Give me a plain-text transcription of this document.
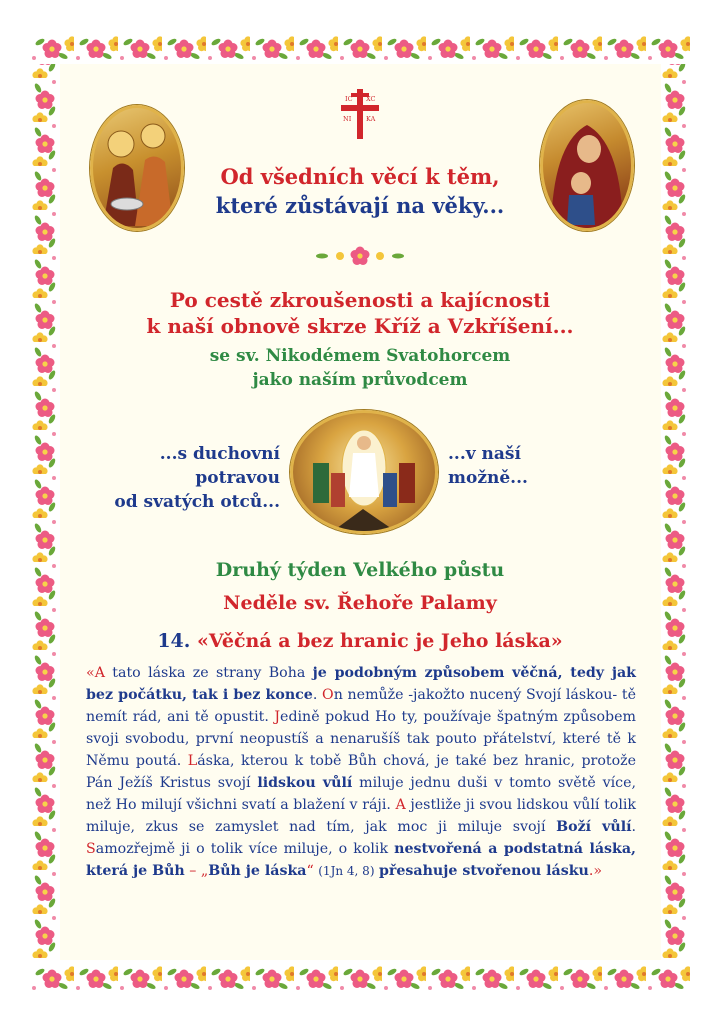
IC XC
NI KA

Od všedních věcí k těm,

které zůstávají na věky...

Po cestě zkroušenosti a kajícnosti

k naší obnově skrze Kříž a Vzkříšení...

se sv. Nikodémem Svatohorcem

jako naším průvodcem

...s duchovní

potravou

od svatých otců...

...v naší

možně...

Druhý týden Velkého půstu

Neděle sv. Řehoře Palamy

14. «Věčná a bez hranic je Jeho láska»

«A tato láska ze strany Boha je podobným způsobem věčná, tedy jak bez počátku, tak i bez konce. On nemůže -jakožto nucený Svojí láskou- tě nemít rád, ani tě opustit. Jedině pokud Ho ty, používaje špatným způsobem svoji svobodu, první neopustíš a nenarušíš tak pouto přátelství, které tě k Němu poutá. Láska, kterou k tobě Bůh chová, je také bez hranic, protože Pán Ježíš Kristus svojí lidskou vůlí miluje jednu duši v tomto světě více, než Ho milují všichni svatí a blažení v ráji. A jestliže ji svou lidskou vůlí tolik miluje, zkus se zamyslet nad tím, jak moc ji miluje svojí Boží vůlí. Samozřejmě ji o tolik více miluje, o kolik nestvořená a podstatná láska, která je Bůh – „Bůh je láska“ (1Jn 4, 8) přesahuje stvořenou lásku.»
